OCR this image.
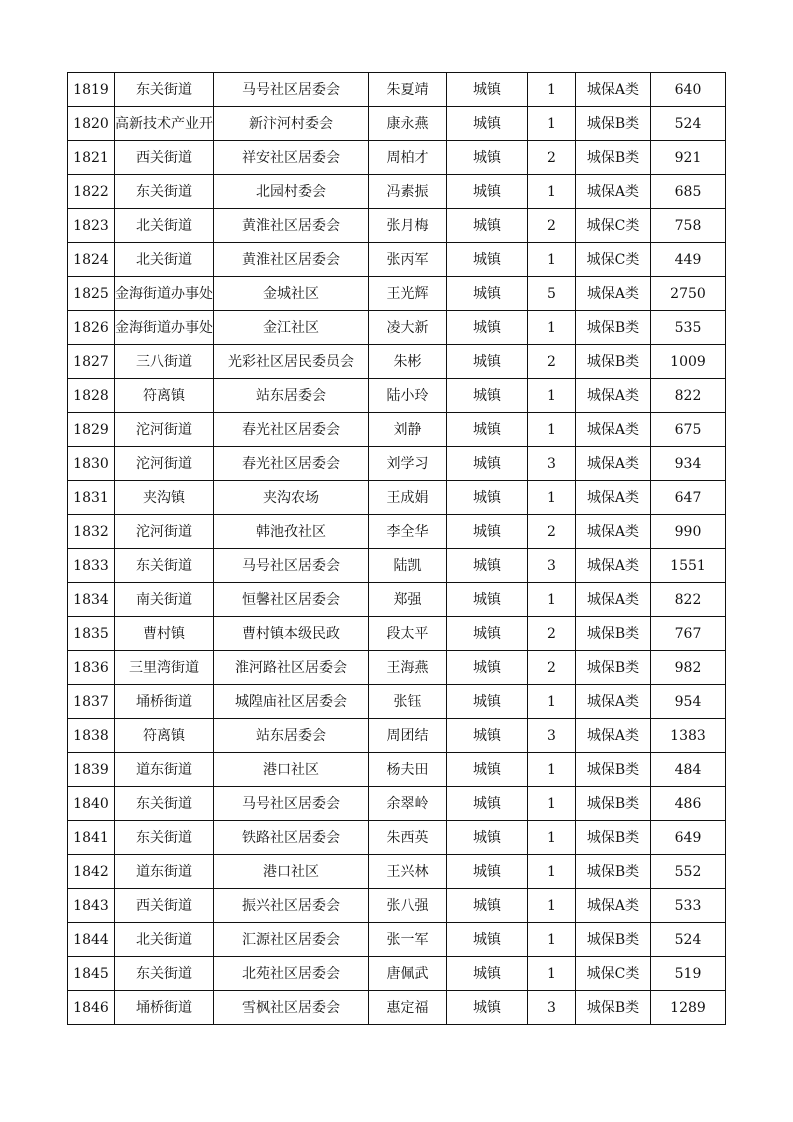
1819	东关街道	马号社区居委会	朱夏靖	城镇	1	城保A类	640
1820	高新技术产业开	新汴河村委会	康永燕	城镇	1	城保B类	524
1821	西关街道	祥安社区居委会	周柏才	城镇	2	城保B类	921
1822	东关街道	北园村委会	冯素振	城镇	1	城保A类	685
1823	北关街道	黄淮社区居委会	张月梅	城镇	2	城保C类	758
1824	北关街道	黄淮社区居委会	张丙军	城镇	1	城保C类	449
1825	金海街道办事处	金城社区	王光辉	城镇	5	城保A类	2750
1826	金海街道办事处	金江社区	凌大新	城镇	1	城保B类	535
1827	三八街道	光彩社区居民委员会	朱彬	城镇	2	城保B类	1009
1828	符离镇	站东居委会	陆小玲	城镇	1	城保A类	822
1829	沱河街道	春光社区居委会	刘静	城镇	1	城保A类	675
1830	沱河街道	春光社区居委会	刘学习	城镇	3	城保A类	934
1831	夹沟镇	夹沟农场	王成娟	城镇	1	城保A类	647
1832	沱河街道	韩池孜社区	李全华	城镇	2	城保A类	990
1833	东关街道	马号社区居委会	陆凯	城镇	3	城保A类	1551
1834	南关街道	恒馨社区居委会	郑强	城镇	1	城保A类	822
1835	曹村镇	曹村镇本级民政	段太平	城镇	2	城保B类	767
1836	三里湾街道	淮河路社区居委会	王海燕	城镇	2	城保B类	982
1837	埇桥街道	城隍庙社区居委会	张钰	城镇	1	城保A类	954
1838	符离镇	站东居委会	周团结	城镇	3	城保A类	1383
1839	道东街道	港口社区	杨夫田	城镇	1	城保B类	484
1840	东关街道	马号社区居委会	余翠岭	城镇	1	城保B类	486
1841	东关街道	铁路社区居委会	朱西英	城镇	1	城保B类	649
1842	道东街道	港口社区	王兴林	城镇	1	城保B类	552
1843	西关街道	振兴社区居委会	张八强	城镇	1	城保A类	533
1844	北关街道	汇源社区居委会	张一军	城镇	1	城保B类	524
1845	东关街道	北苑社区居委会	唐佩武	城镇	1	城保C类	519
1846	埇桥街道	雪枫社区居委会	惠定福	城镇	3	城保B类	1289
